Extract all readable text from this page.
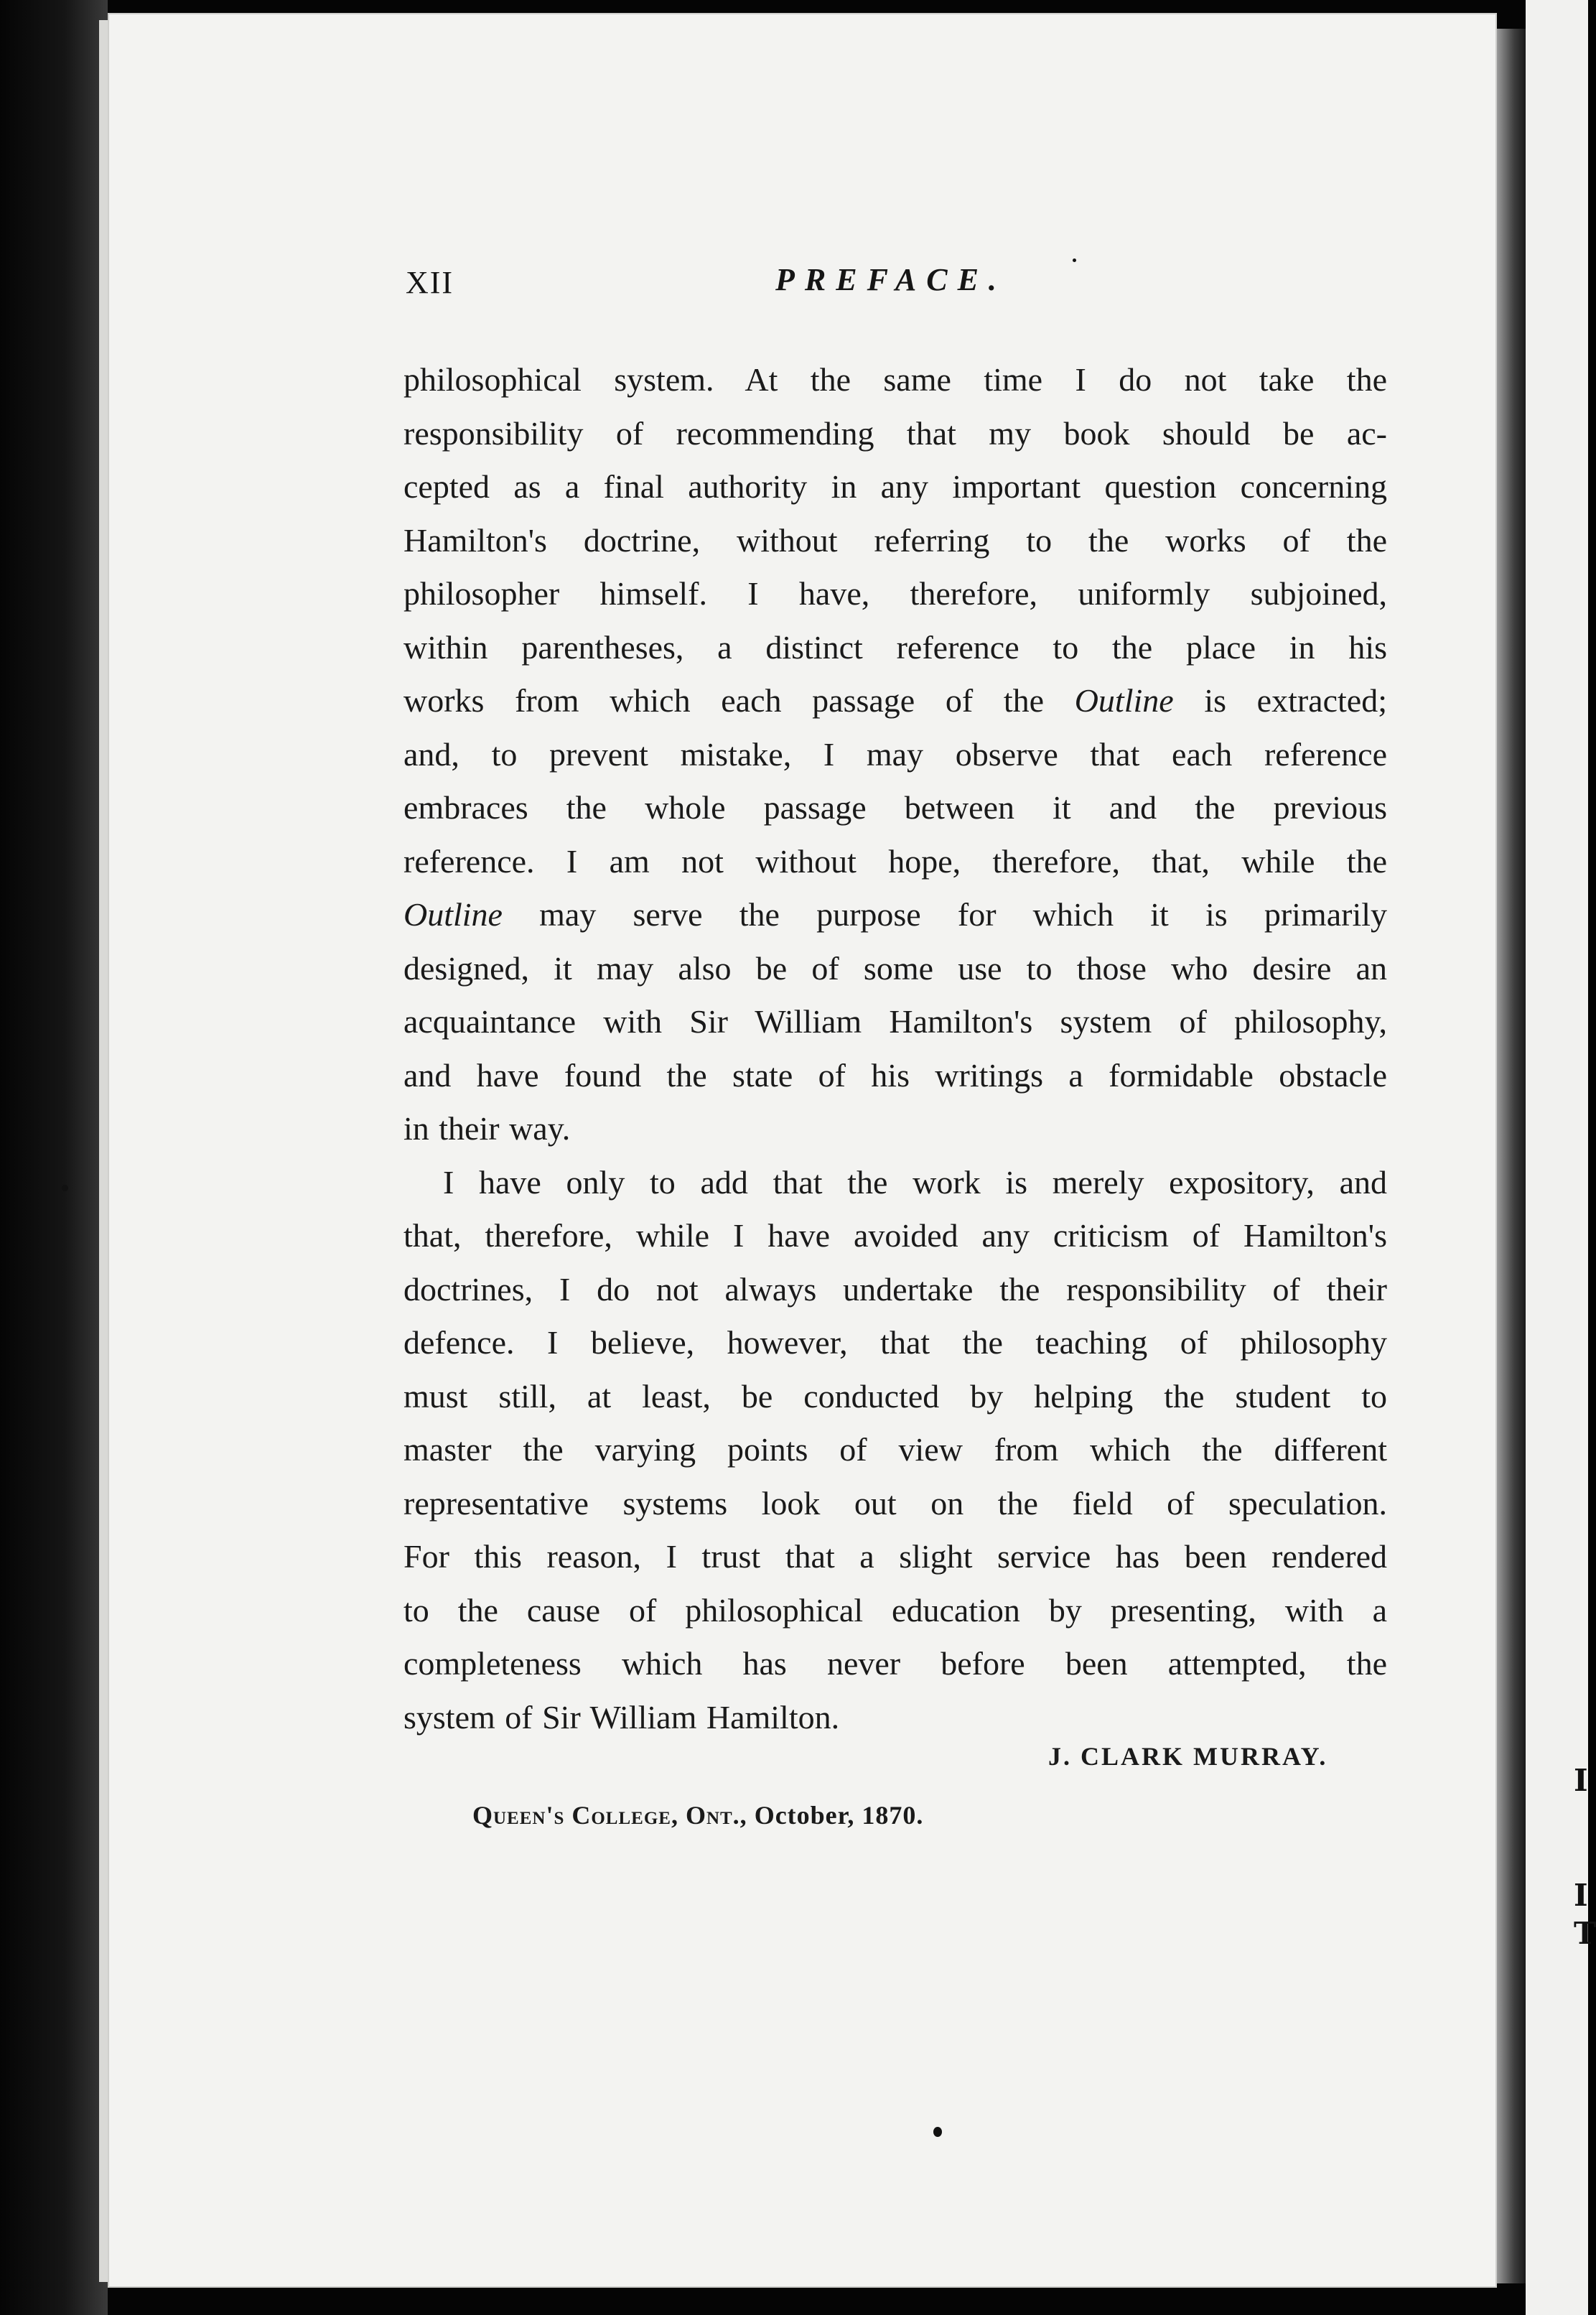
I
I
T
XII	PREFACE.
philosophical system. At the same time I do not take the
responsibility of recommending that my book should be ac-
cepted as a final authority in any important question concerning
Hamilton's doctrine, without referring to the works of the
philosopher himself. I have, therefore, uniformly subjoined,
within parentheses, a distinct reference to the place in his
works from which each passage of the Outline is extracted;
and, to prevent mistake, I may observe that each reference
embraces the whole passage between it and the previous
reference. I am not without hope, therefore, that, while the
Outline may serve the purpose for which it is primarily
designed, it may also be of some use to those who desire an
acquaintance with Sir William Hamilton's system of philosophy,
and have found the state of his writings a formidable obstacle
in their way.
I have only to add that the work is merely expository, and
that, therefore, while I have avoided any criticism of Hamilton's
doctrines, I do not always undertake the responsibility of their
defence. I believe, however, that the teaching of philosophy
must still, at least, be conducted by helping the student to
master the varying points of view from which the different
representative systems look out on the field of speculation.
For this reason, I trust that a slight service has been rendered
to the cause of philosophical education by presenting, with a
completeness which has never before been attempted, the
system of Sir William Hamilton.
J. CLARK MURRAY.
Queen's College, Ont., October, 1870.
